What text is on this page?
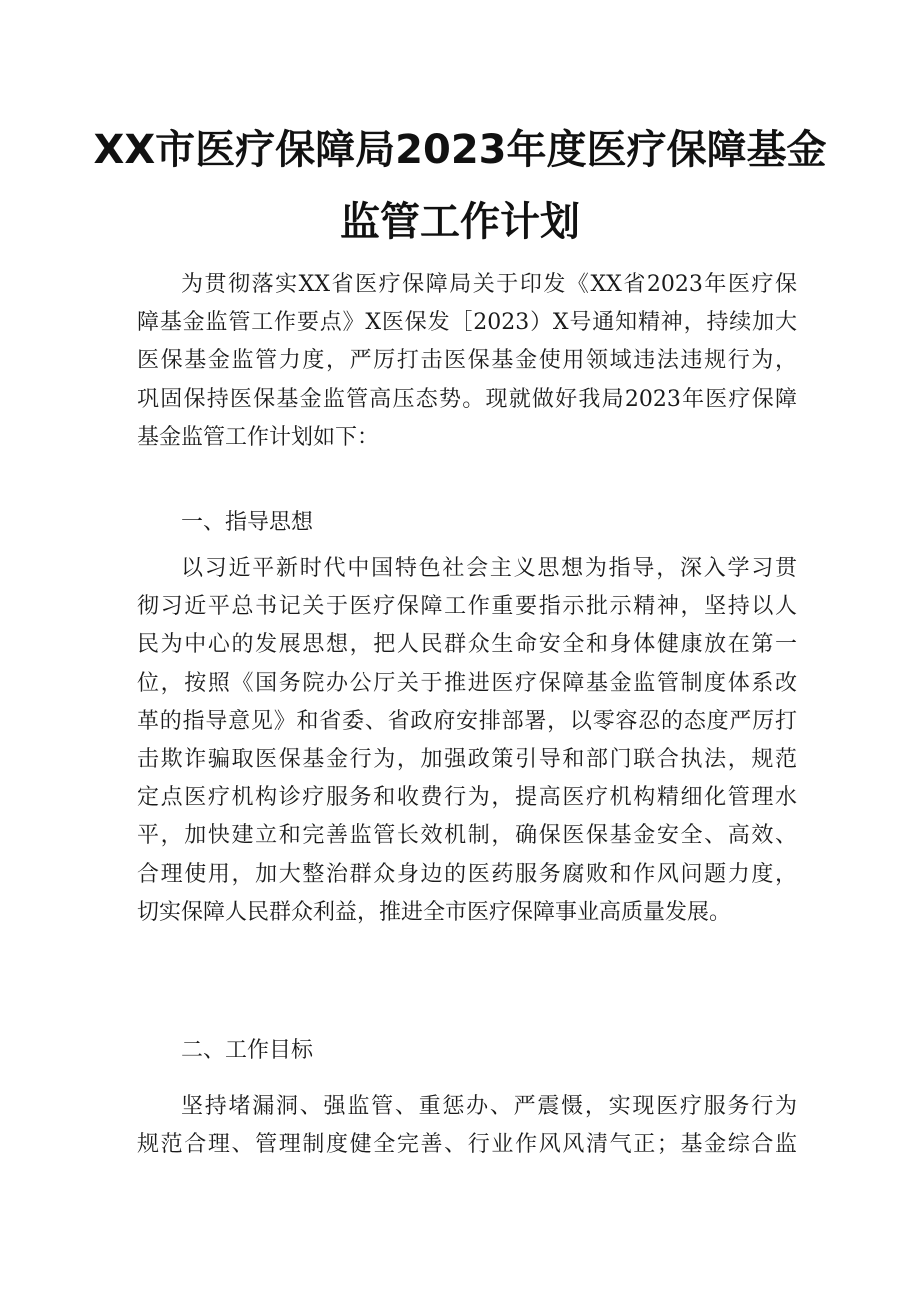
XX市医疗保障局2023年度医疗保障基金
监管工作计划
为贯彻落实XX省医疗保障局关于印发《XX省2023年医疗保
障基金监管工作要点》X医保发［2023）X号通知精神，持续加大
医保基金监管力度，严厉打击医保基金使用领域违法违规行为，
巩固保持医保基金监管高压态势。现就做好我局2023年医疗保障
基金监管工作计划如下：
一、指导思想
以习近平新时代中国特色社会主义思想为指导，深入学习贯
彻习近平总书记关于医疗保障工作重要指示批示精神，坚持以人
民为中心的发展思想，把人民群众生命安全和身体健康放在第一
位，按照《国务院办公厅关于推进医疗保障基金监管制度体系改
革的指导意见》和省委、省政府安排部署，以零容忍的态度严厉打
击欺诈骗取医保基金行为，加强政策引导和部门联合执法，规范
定点医疗机构诊疗服务和收费行为，提高医疗机构精细化管理水
平，加快建立和完善监管长效机制，确保医保基金安全、高效、
合理使用，加大整治群众身边的医药服务腐败和作风问题力度，
切实保障人民群众利益，推进全市医疗保障事业高质量发展。
二、工作目标
坚持堵漏洞、强监管、重惩办、严震慑，实现医疗服务行为
规范合理、管理制度健全完善、行业作风风清气正；基金综合监
